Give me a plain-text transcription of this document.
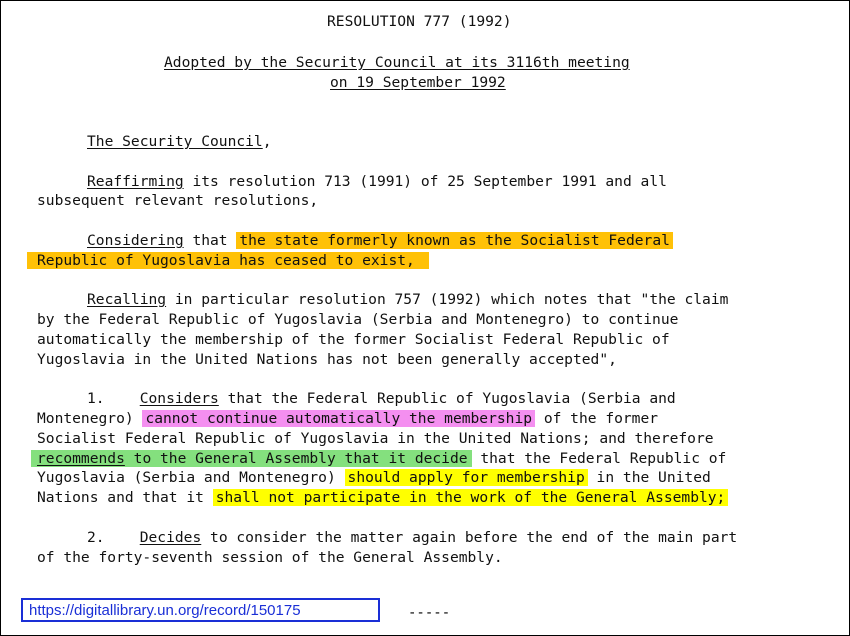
RESOLUTION 777 (1992)
Adopted by the Security Council at its 3116th meeting
on 19 September 1992
The Security Council,
Reaffirming its resolution 713 (1991) of 25 September 1991 and all
subsequent relevant resolutions,
Considering that the state formerly known as the Socialist Federal
Republic of Yugoslavia has ceased to exist,
Recalling in particular resolution 757 (1992) which notes that "the claim
by the Federal Republic of Yugoslavia (Serbia and Montenegro) to continue
automatically the membership of the former Socialist Federal Republic of
Yugoslavia in the United Nations has not been generally accepted",
1. Considers that the Federal Republic of Yugoslavia (Serbia and
Montenegro) cannot continue automatically the membership of the former
Socialist Federal Republic of Yugoslavia in the United Nations; and therefore
recommends to the General Assembly that it decide that the Federal Republic of
Yugoslavia (Serbia and Montenegro) should apply for membership in the United
Nations and that it shall not participate in the work of the General Assembly;
2. Decides to consider the matter again before the end of the main part
of the forty-seventh session of the General Assembly.
https://digitallibrary.un.org/record/150175	-----
